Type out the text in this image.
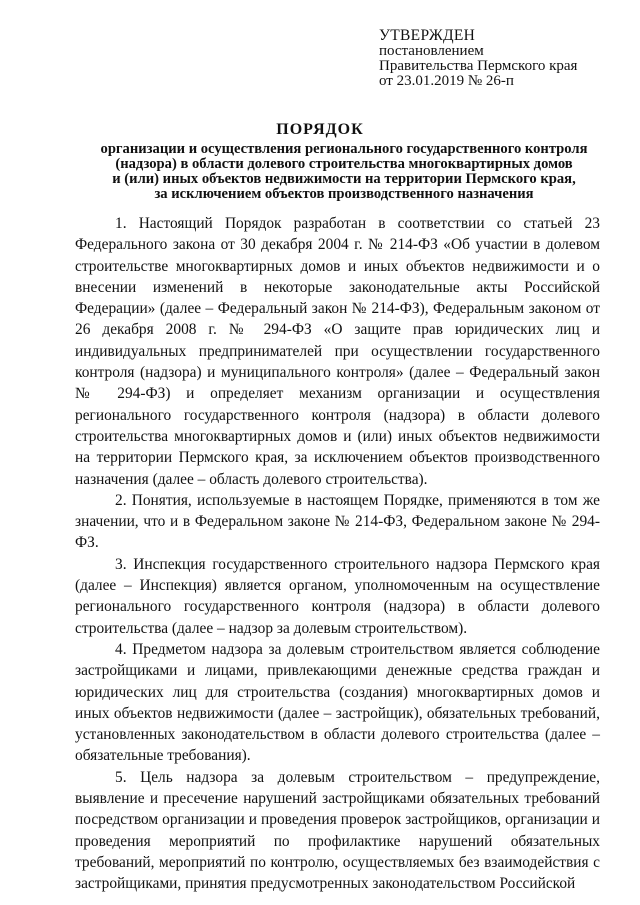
УТВЕРЖДЕН
постановлением
Правительства Пермского края
от 23.01.2019 № 26-п
ПОРЯДОК
организации и осуществления регионального государственного контроля
(надзора) в области долевого строительства многоквартирных домов
и (или) иных объектов недвижимости на территории Пермского края,
за исключением объектов производственного назначения

1. Настоящий Порядок разработан в соответствии со статьей 23 Федерального закона от 30 декабря 2004 г. № 214-ФЗ «Об участии в долевом строительстве многоквартирных домов и иных объектов недвижимости и о внесении изменений в некоторые законодательные акты Российской Федерации» (далее – Федеральный закон № 214-ФЗ), Федеральным законом от 26 декабря 2008 г. № 294-ФЗ «О защите прав юридических лиц и индивидуальных предпринимателей при осуществлении государственного контроля (надзора) и муниципального контроля» (далее – Федеральный закон № 294-ФЗ) и определяет механизм организации и осуществления регионального государственного контроля (надзора) в области долевого строительства многоквартирных домов и (или) иных объектов недвижимости на территории Пермского края, за исключением объектов производственного назначения (далее – область долевого строительства).

2. Понятия, используемые в настоящем Порядке, применяются в том же значении, что и в Федеральном законе № 214-ФЗ, Федеральном законе № 294-ФЗ.

3. Инспекция государственного строительного надзора Пермского края (далее – Инспекция) является органом, уполномоченным на осуществление регионального государственного контроля (надзора) в области долевого строительства (далее – надзор за долевым строительством).

4. Предметом надзора за долевым строительством является соблюдение застройщиками и лицами, привлекающими денежные средства граждан и юридических лиц для строительства (создания) многоквартирных домов и иных объектов недвижимости (далее – застройщик), обязательных требований, установленных законодательством в области долевого строительства (далее – обязательные требования).

5. Цель надзора за долевым строительством – предупреждение, выявление и пресечение нарушений застройщиками обязательных требований посредством организации и проведения проверок застройщиков, организации и проведения мероприятий по профилактике нарушений обязательных требований, мероприятий по контролю, осуществляемых без взаимодействия с застройщиками, принятия предусмотренных законодательством Российской
